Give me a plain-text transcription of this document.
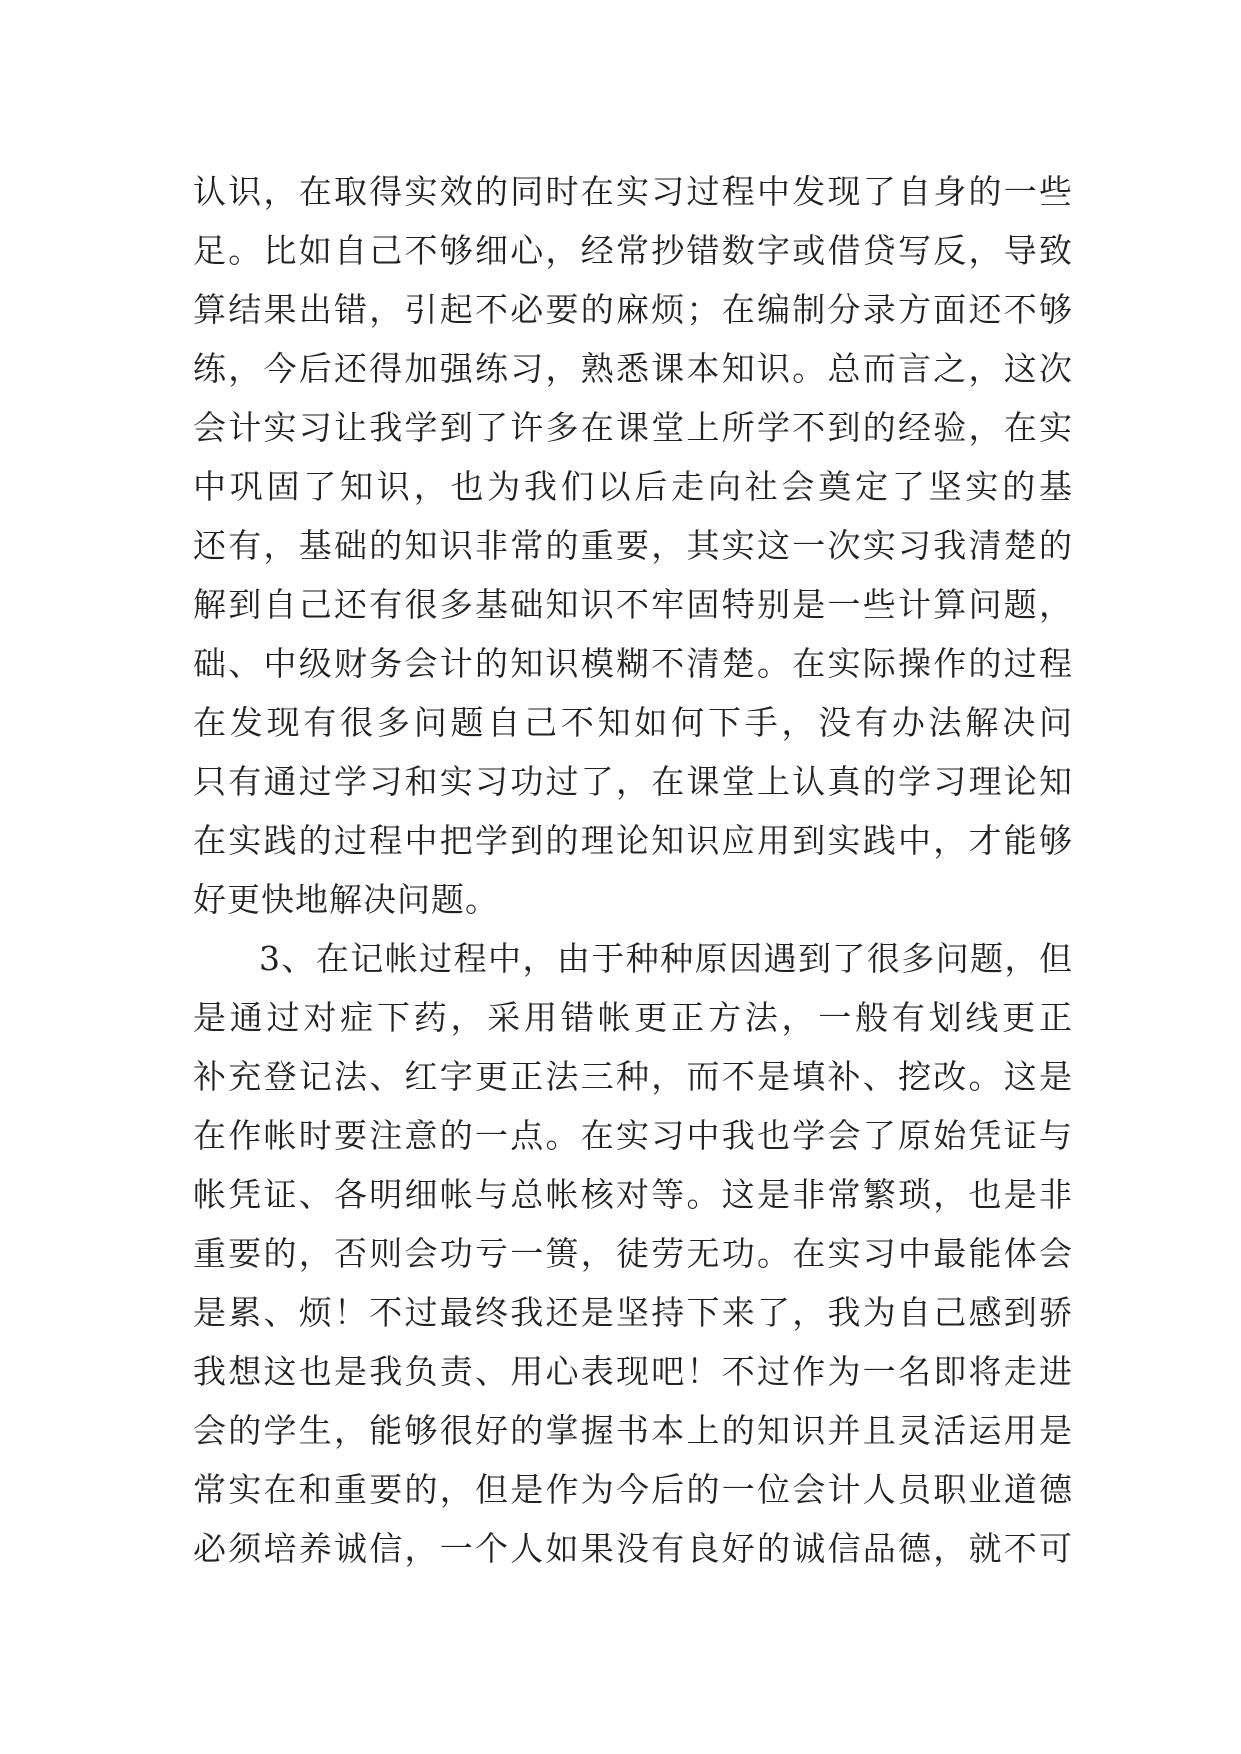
认识，在取得实效的同时在实习过程中发现了自身的一些
足。比如自己不够细心，经常抄错数字或借贷写反，导致
算结果出错，引起不必要的麻烦；在编制分录方面还不够
练，今后还得加强练习，熟悉课本知识。总而言之，这次
会计实习让我学到了许多在课堂上所学不到的经验，在实
中巩固了知识，也为我们以后走向社会奠定了坚实的基
还有，基础的知识非常的重要，其实这一次实习我清楚的
解到自己还有很多基础知识不牢固特别是一些计算问题，
础、中级财务会计的知识模糊不清楚。在实际操作的过程
在发现有很多问题自己不知如何下手，没有办法解决问
只有通过学习和实习功过了，在课堂上认真的学习理论知
在实践的过程中把学到的理论知识应用到实践中，才能够
好更快地解决问题。
3、在记帐过程中，由于种种原因遇到了很多问题，但
是通过对症下药，采用错帐更正方法，一般有划线更正
补充登记法、红字更正法三种，而不是填补、挖改。这是
在作帐时要注意的一点。在实习中我也学会了原始凭证与
帐凭证、各明细帐与总帐核对等。这是非常繁琐，也是非
重要的，否则会功亏一篑，徒劳无功。在实习中最能体会
是累、烦！不过最终我还是坚持下来了，我为自己感到骄
我想这也是我负责、用心表现吧！不过作为一名即将走进
会的学生，能够很好的掌握书本上的知识并且灵活运用是
常实在和重要的，但是作为今后的一位会计人员职业道德
必须培养诚信，一个人如果没有良好的诚信品德，就不可
